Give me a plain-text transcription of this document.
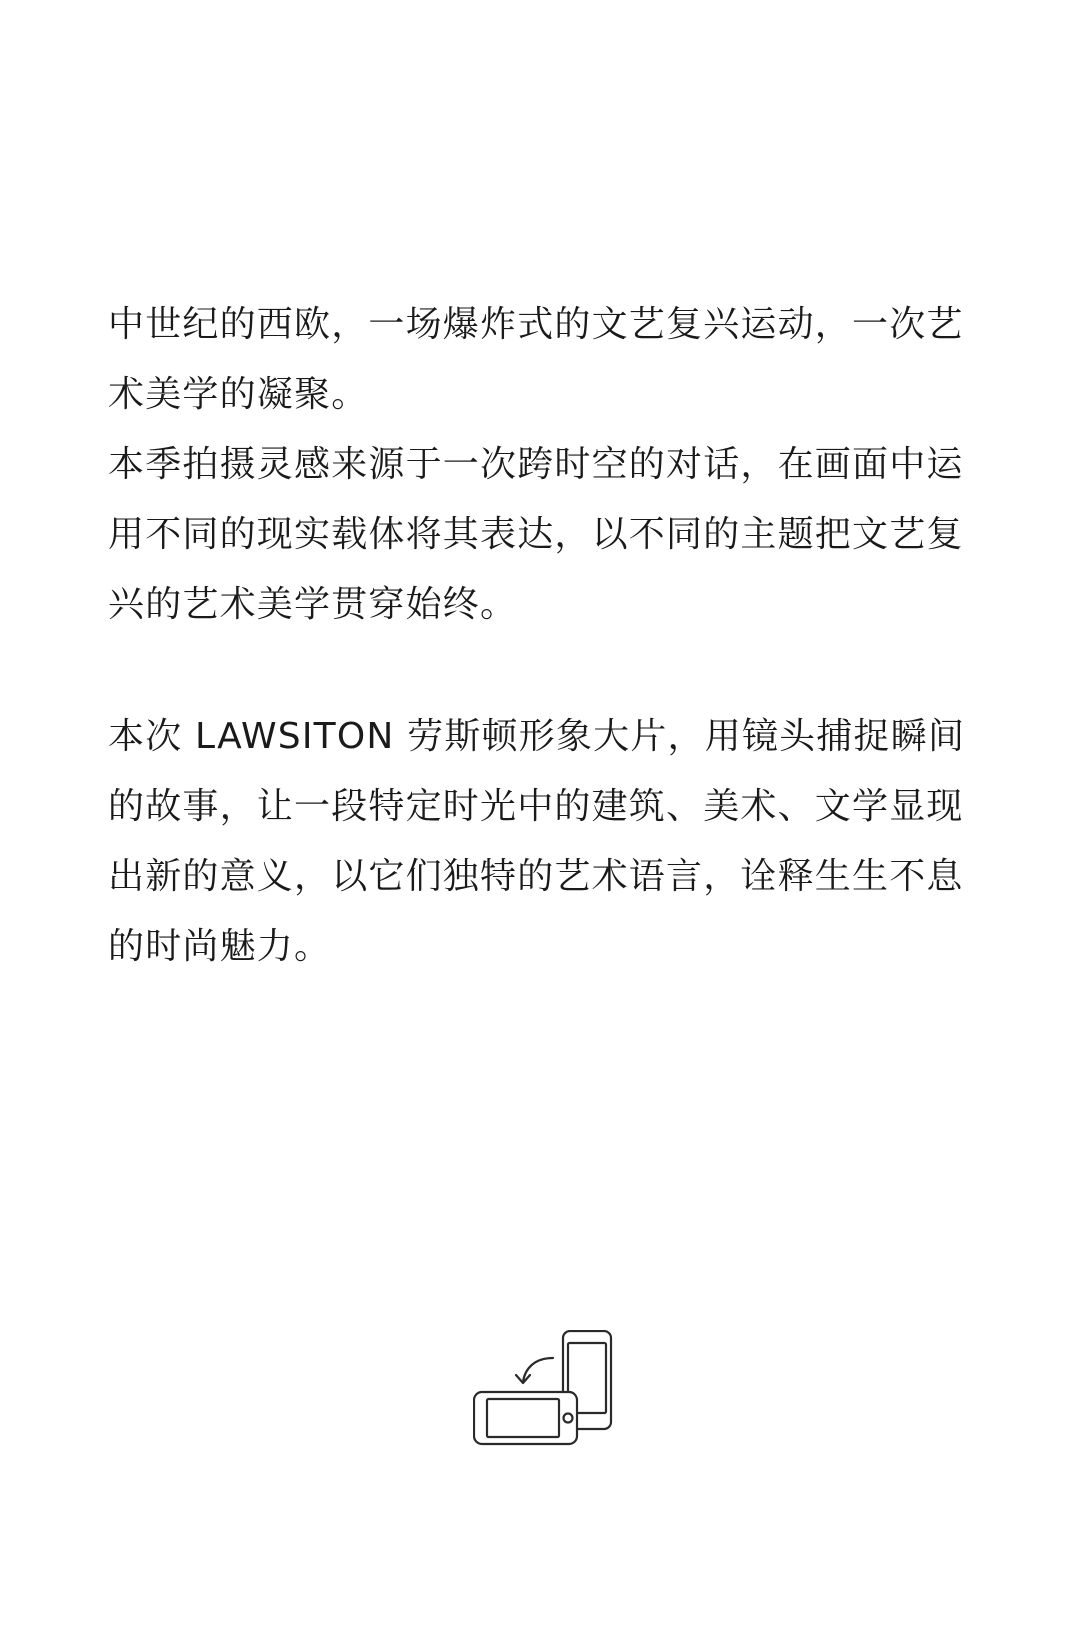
中世纪的西欧，一场爆炸式的文艺复兴运动，一次艺术美学的凝聚。

本季拍摄灵感来源于一次跨时空的对话，在画面中运用不同的现实载体将其表达，以不同的主题把文艺复兴的艺术美学贯穿始终。

本次 LAWSITON 劳斯顿形象大片，用镜头捕捉瞬间的故事，让一段特定时光中的建筑、美术、文学显现出新的意义，以它们独特的艺术语言，诠释生生不息的时尚魅力。
